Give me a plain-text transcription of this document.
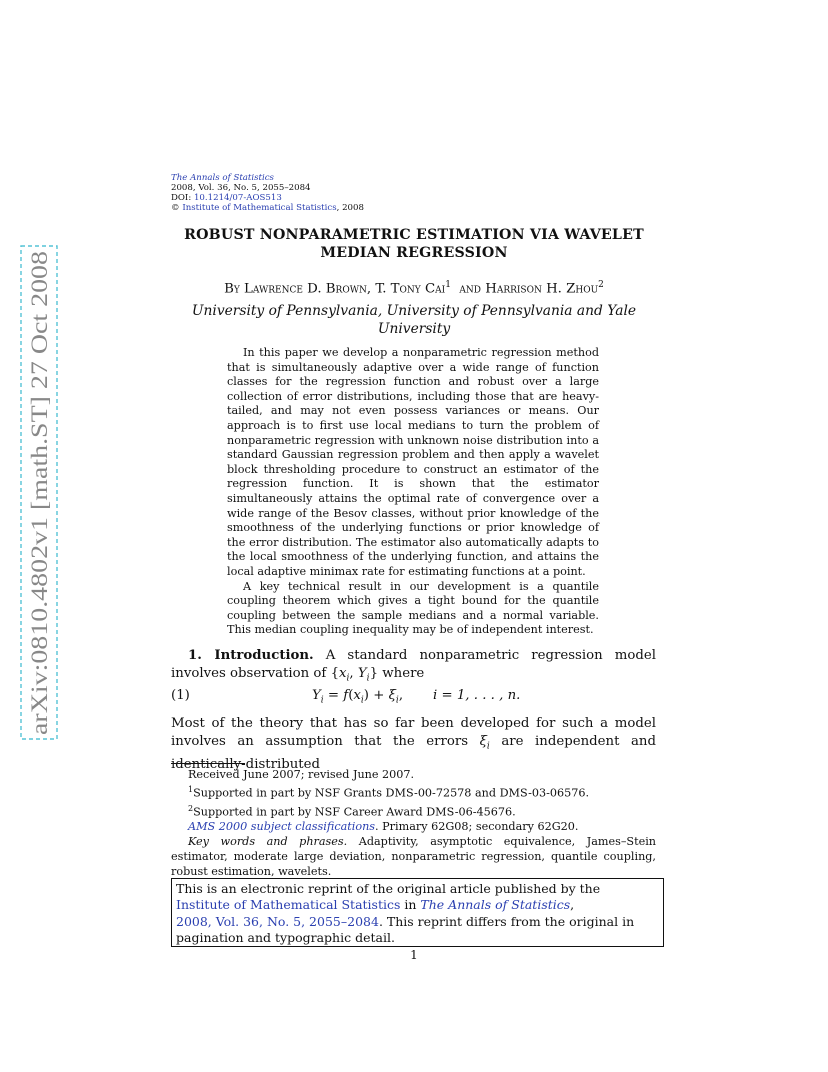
arXiv:0810.4802v1 [math.ST] 27 Oct 2008
The Annals of Statistics
2008, Vol. 36, No. 5, 2055–2084
DOI: 10.1214/07-AOS513
© Institute of Mathematical Statistics, 2008
ROBUST NONPARAMETRIC ESTIMATION VIA WAVELET
MEDIAN REGRESSION
By Lawrence D. Brown, T. Tony Cai$^1$  and Harrison H. Zhou$^2$
University of Pennsylvania, University of Pennsylvania and Yale
University

In this paper we develop a nonparametric regression method that is simultaneously adaptive over a wide range of function classes for the regression function and robust over a large collection of error distributions, including those that are heavy-tailed, and may not even possess variances or means. Our approach is to first use local medians to turn the problem of nonparametric regression with unknown noise distribution into a standard Gaussian regression problem and then apply a wavelet block thresholding procedure to construct an estimator of the regression function. It is shown that the estimator simultaneously attains the optimal rate of convergence over a wide range of the Besov classes, without prior knowledge of the smoothness of the underlying functions or prior knowledge of the error distribution. The estimator also automatically adapts to the local smoothness of the underlying function, and attains the local adaptive minimax rate for estimating functions at a point.

A key technical result in our development is a quantile coupling theorem which gives a tight bound for the quantile coupling between the sample medians and a normal variable. This median coupling inequality may be of independent interest.

1. Introduction. A standard nonparametric regression model involves observation of {$x_i$, $Y_i$} where

(1)	$Y_i = f(x_i) + \xi_i$, i = 1, . . . , n.
Most of the theory that has so far been developed for such a model involves an assumption that the errors $\xi_i$ are independent and identically-distributed

Received June 2007; revised June 2007.

$^1$Supported in part by NSF Grants DMS-00-72578 and DMS-03-06576.

$^2$Supported in part by NSF Career Award DMS-06-45676.

AMS 2000 subject classifications. Primary 62G08; secondary 62G20.

Key words and phrases. Adaptivity, asymptotic equivalence, James–Stein estimator, moderate large deviation, nonparametric regression, quantile coupling, robust estimation, wavelets.

This is an electronic reprint of the original article published by the
Institute of Mathematical Statistics in The Annals of Statistics,
2008, Vol. 36, No. 5, 2055–2084. This reprint differs from the original in pagination and typographic detail.
1
